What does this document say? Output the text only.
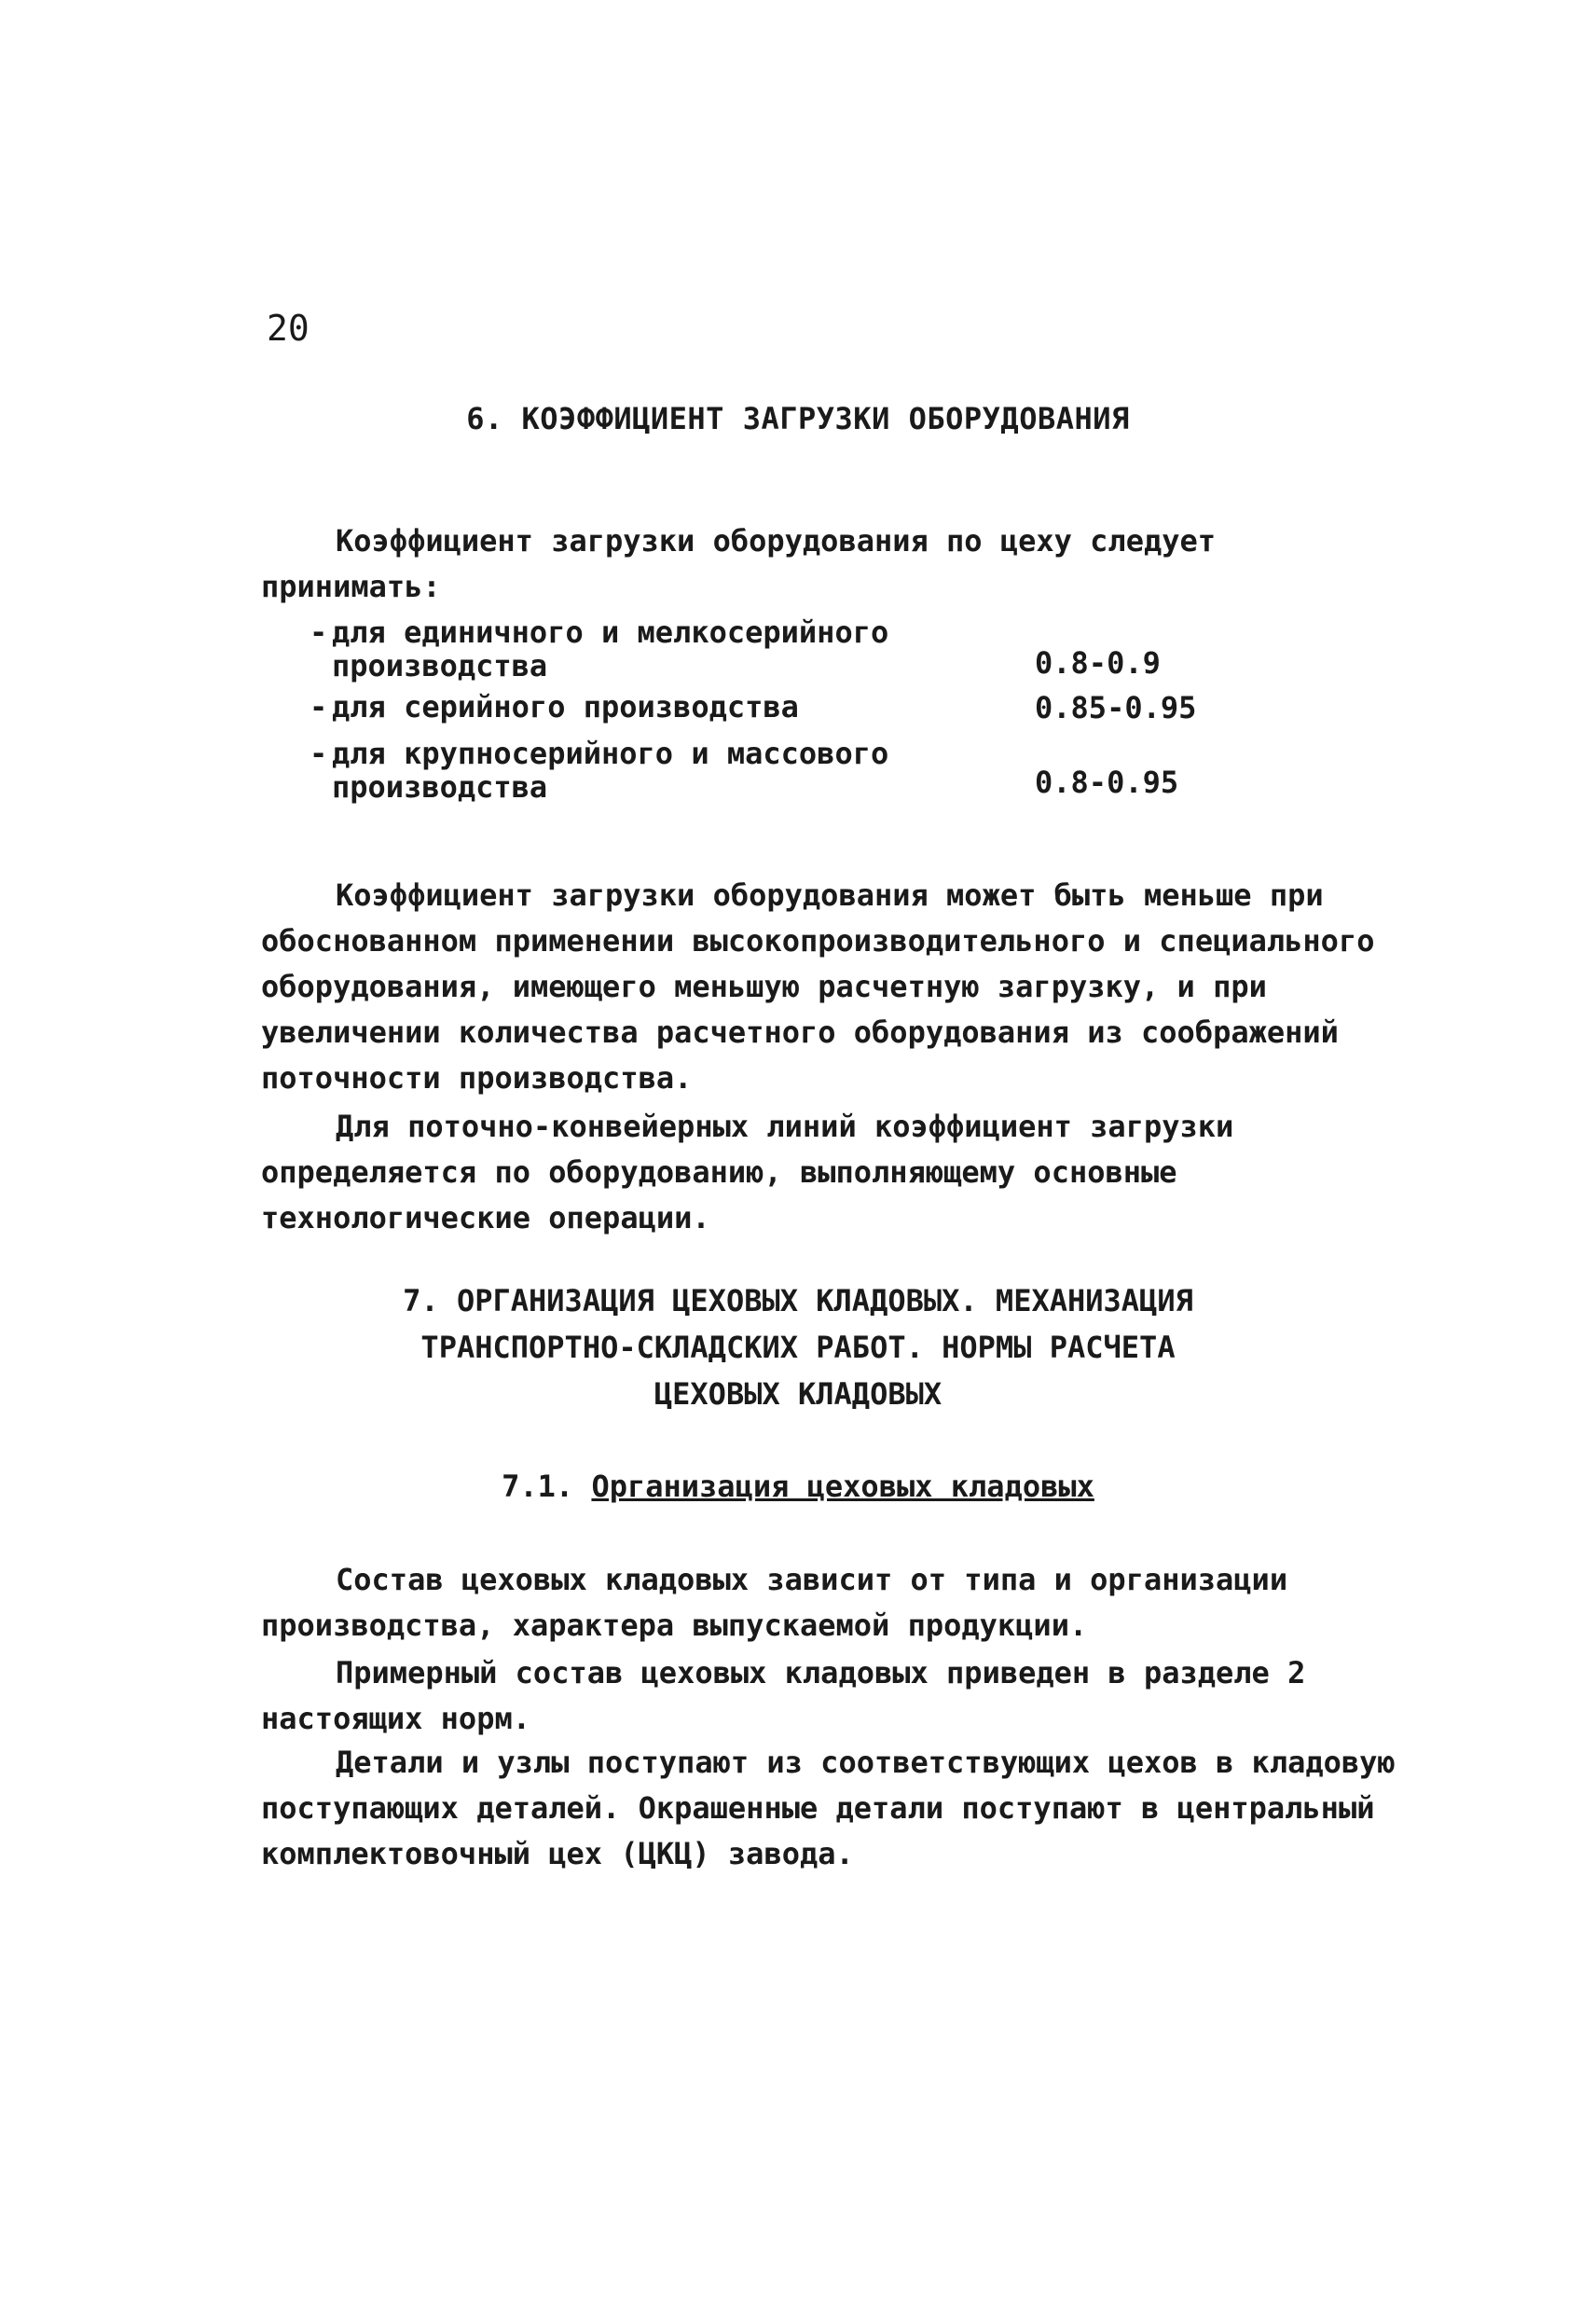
20
6. КОЭФФИЦИЕНТ ЗАГРУЗКИ ОБОРУДОВАНИЯ
Коэффициент загрузки оборудования по цеху следует принимать:
- для единичного и мелкосерийного
производства	0.8-0.9
- для серийного производства	0.85-0.95
- для крупносерийного и массового
производства	0.8-0.95
Коэффициент загрузки оборудования может быть меньше при обоснованном применении высокопроизводительного и специального оборудования, имеющего меньшую расчетную загрузку, и при увеличении количества расчетного оборудования из соображений поточности производства.
Для поточно-конвейерных линий коэффициент загрузки определяется по оборудованию, выполняющему основные технологические операции.
7. ОРГАНИЗАЦИЯ ЦЕХОВЫХ КЛАДОВЫХ. МЕХАНИЗАЦИЯ
ТРАНСПОРТНО-СКЛАДСКИХ РАБОТ. НОРМЫ РАСЧЕТА
ЦЕХОВЫХ КЛАДОВЫХ
7.1. Организация цеховых кладовых
Состав цеховых кладовых зависит от типа и организации производства, характера выпускаемой продукции.
Примерный состав цеховых кладовых приведен в разделе 2 настоящих норм.
Детали и узлы поступают из соответствующих цехов в кладовую поступающих деталей. Окрашенные детали поступают в центральный комплектовочный цех (ЦКЦ) завода.
